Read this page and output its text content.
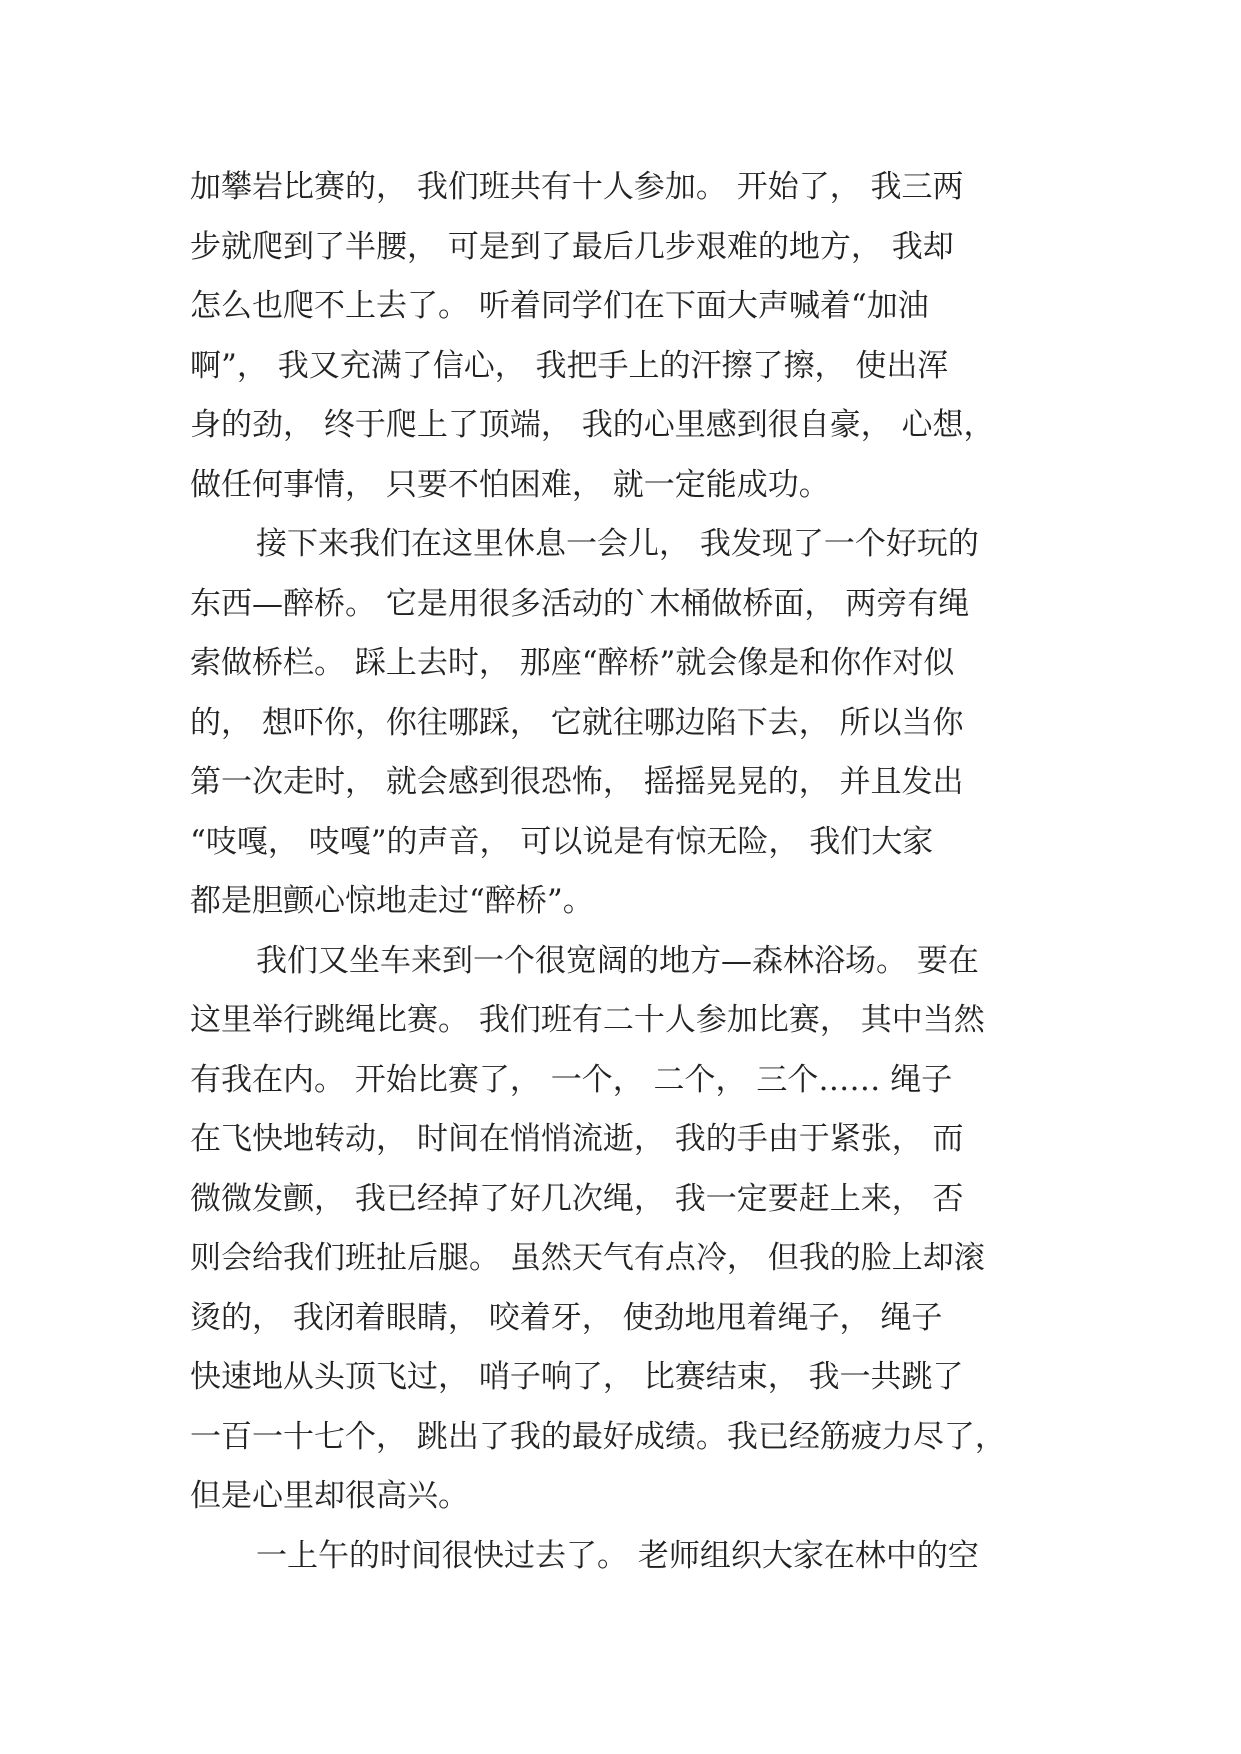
加攀岩比赛的， 我们班共有十人参加。 开始了， 我三两
步就爬到了半腰， 可是到了最后几步艰难的地方， 我却
怎么也爬不上去了。 听着同学们在下面大声喊着“加油
啊”， 我又充满了信心， 我把手上的汗擦了擦， 使出浑
身的劲， 终于爬上了顶端， 我的心里感到很自豪， 心想，
做任何事情， 只要不怕困难， 就一定能成功。
接下来我们在这里休息一会儿， 我发现了一个好玩的
东西—醉桥。 它是用很多活动的`木桶做桥面， 两旁有绳
索做桥栏。 踩上去时， 那座“醉桥”就会像是和你作对似
的， 想吓你，你往哪踩， 它就往哪边陷下去， 所以当你
第一次走时， 就会感到很恐怖， 摇摇晃晃的， 并且发出
“吱嘎， 吱嘎”的声音， 可以说是有惊无险， 我们大家
都是胆颤心惊地走过“醉桥”。
我们又坐车来到一个很宽阔的地方—森林浴场。 要在
这里举行跳绳比赛。 我们班有二十人参加比赛， 其中当然
有我在内。 开始比赛了， 一个， 二个， 三个…… 绳子
在飞快地转动， 时间在悄悄流逝， 我的手由于紧张， 而
微微发颤， 我已经掉了好几次绳， 我一定要赶上来， 否
则会给我们班扯后腿。 虽然天气有点冷， 但我的脸上却滚
烫的， 我闭着眼睛， 咬着牙， 使劲地甩着绳子， 绳子
快速地从头顶飞过， 哨子响了， 比赛结束， 我一共跳了
一百一十七个， 跳出了我的最好成绩。我已经筋疲力尽了，
但是心里却很高兴。
一上午的时间很快过去了。 老师组织大家在林中的空
